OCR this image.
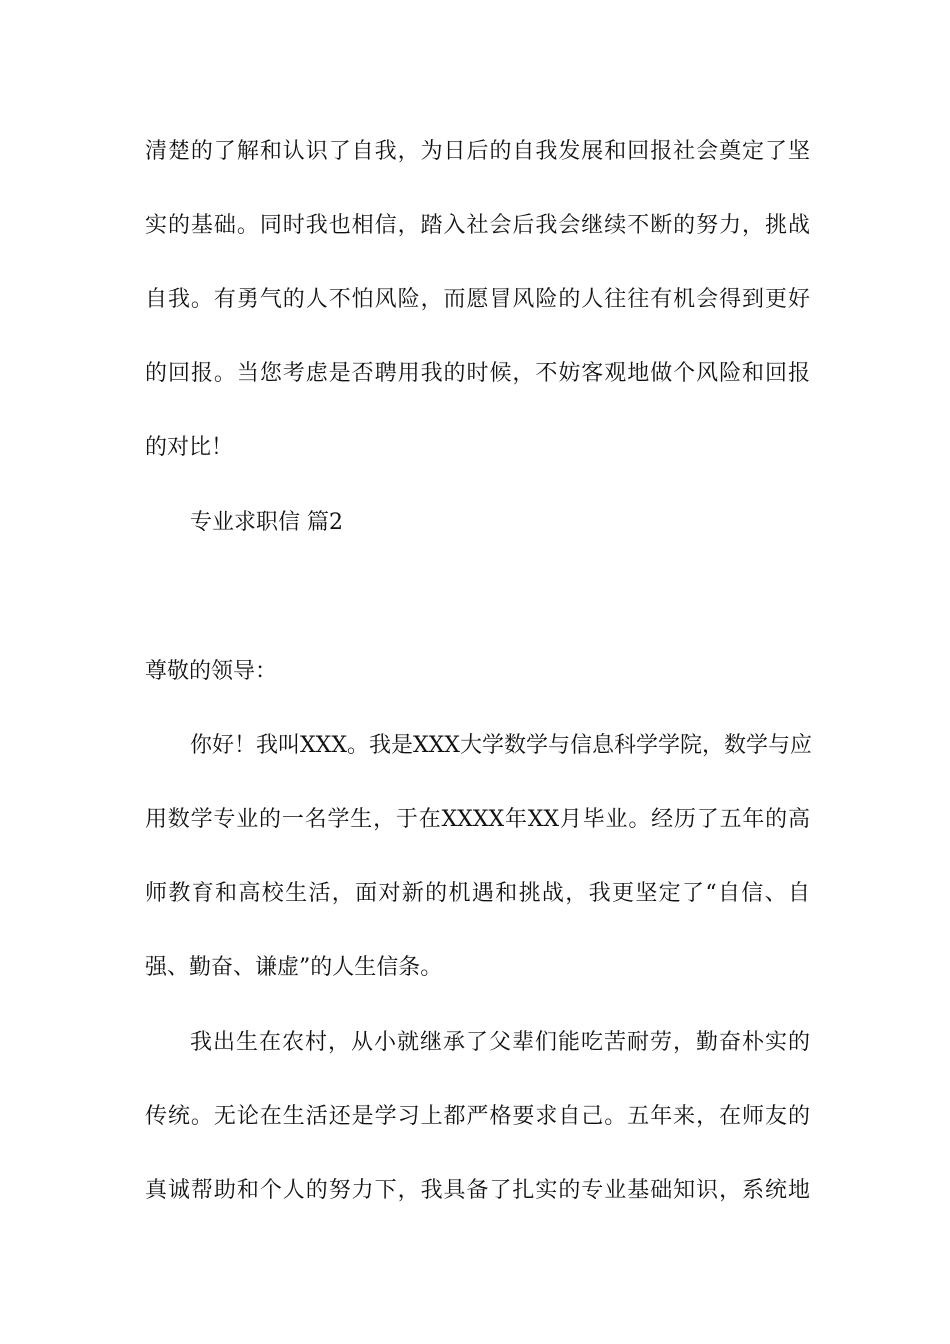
清楚的了解和认识了自我，为日后的自我发展和回报社会奠定了坚
实的基础。同时我也相信，踏入社会后我会继续不断的努力，挑战
自我。有勇气的人不怕风险，而愿冒风险的人往往有机会得到更好
的回报。当您考虑是否聘用我的时候，不妨客观地做个风险和回报
的对比！
专业求职信 篇2
尊敬的领导：
你好！我叫XXX。我是XXX大学数学与信息科学学院，数学与应
用数学专业的一名学生，于在XXXX年XX月毕业。经历了五年的高
师教育和高校生活，面对新的机遇和挑战，我更坚定了“自信、自
强、勤奋、谦虚”的人生信条。
我出生在农村，从小就继承了父辈们能吃苦耐劳，勤奋朴实的
传统。无论在生活还是学习上都严格要求自己。五年来，在师友的
真诚帮助和个人的努力下，我具备了扎实的专业基础知识，系统地
